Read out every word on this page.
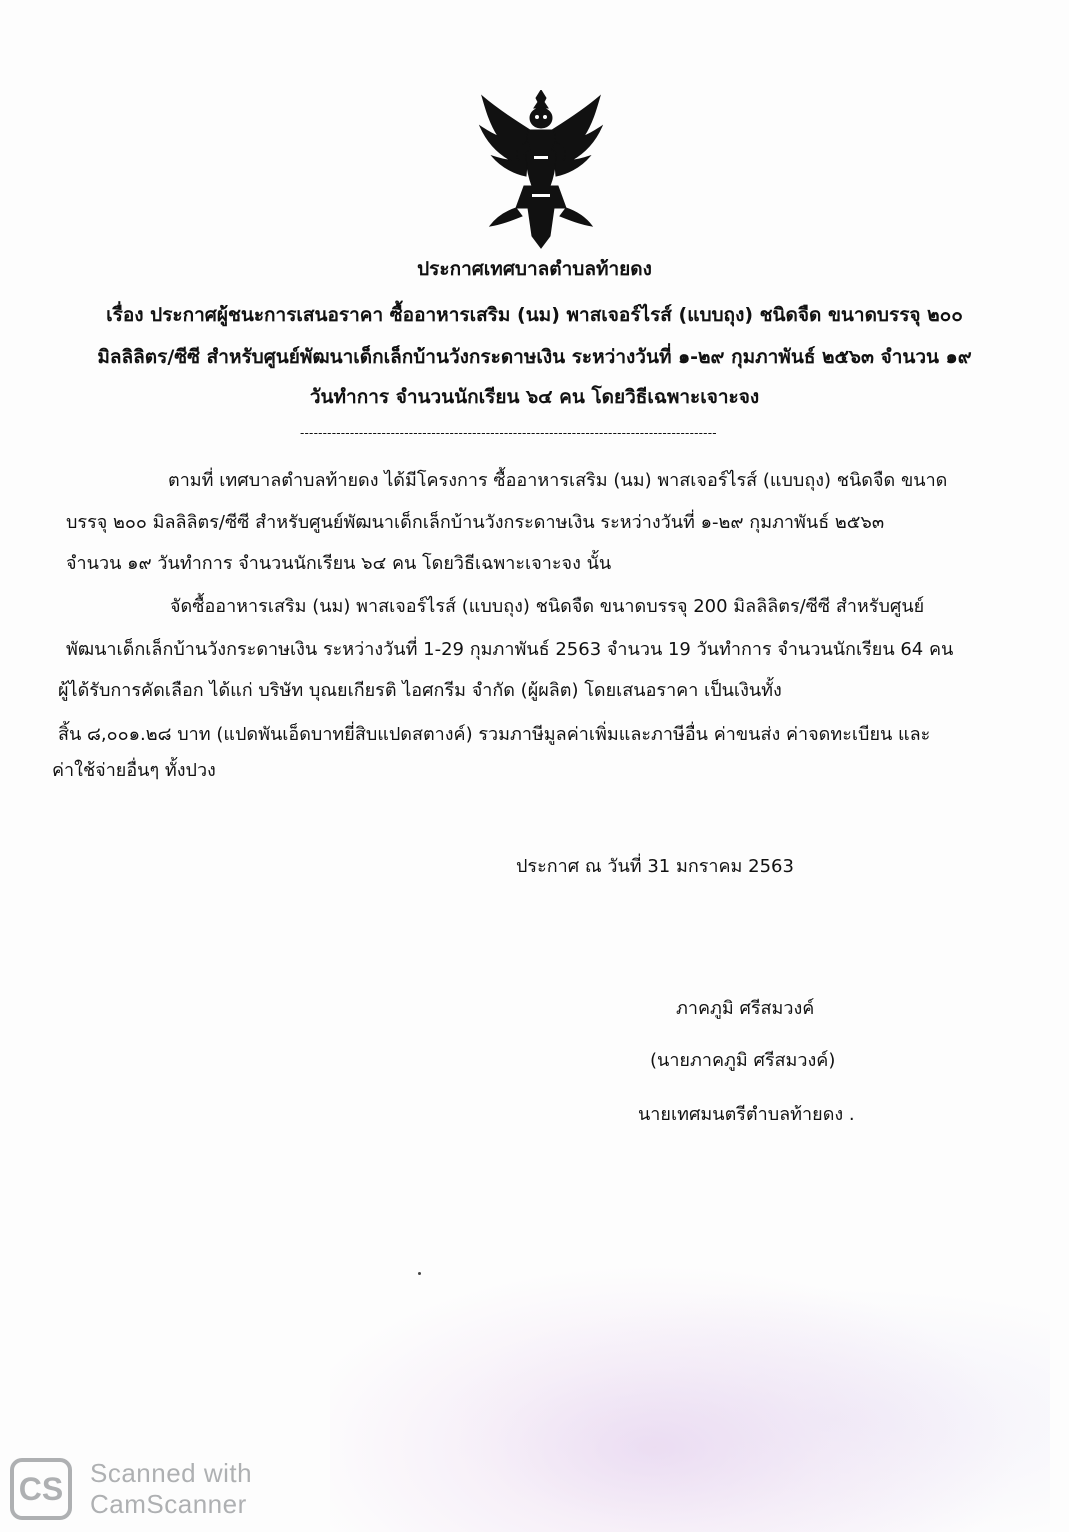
ประกาศเทศบาลตำบลท้ายดง
เรื่อง ประกาศผู้ชนะการเสนอราคา ซื้ออาหารเสริม (นม) พาสเจอร์ไรส์ (แบบถุง) ชนิดจืด ขนาดบรรจุ ๒๐๐
มิลลิลิตร/ซีซี สำหรับศูนย์พัฒนาเด็กเล็กบ้านวังกระดาษเงิน ระหว่างวันที่ ๑-๒๙ กุมภาพันธ์ ๒๕๖๓ จำนวน ๑๙
วันทำการ จำนวนนักเรียน ๖๔ คน โดยวิธีเฉพาะเจาะจง
--------------------------------------------------------------------------------------------
ตามที่ เทศบาลตำบลท้ายดง ได้มีโครงการ ซื้ออาหารเสริม (นม) พาสเจอร์ไรส์ (แบบถุง) ชนิดจืด ขนาด
บรรจุ ๒๐๐ มิลลิลิตร/ซีซี สำหรับศูนย์พัฒนาเด็กเล็กบ้านวังกระดาษเงิน ระหว่างวันที่ ๑-๒๙ กุมภาพันธ์ ๒๕๖๓
จำนวน ๑๙ วันทำการ จำนวนนักเรียน ๖๔ คน โดยวิธีเฉพาะเจาะจง นั้น
จัดซื้ออาหารเสริม (นม) พาสเจอร์ไรส์ (แบบถุง) ชนิดจืด ขนาดบรรจุ 200 มิลลิลิตร/ซีซี สำหรับศูนย์
พัฒนาเด็กเล็กบ้านวังกระดาษเงิน ระหว่างวันที่ 1-29 กุมภาพันธ์ 2563 จำนวน 19 วันทำการ จำนวนนักเรียน 64 คน
ผู้ได้รับการคัดเลือก ได้แก่ บริษัท บุณยเกียรติ ไอศกรีม จำกัด (ผู้ผลิต) โดยเสนอราคา เป็นเงินทั้ง
สิ้น ๘,๐๐๑.๒๘ บาท (แปดพันเอ็ดบาทยี่สิบแปดสตางค์) รวมภาษีมูลค่าเพิ่มและภาษีอื่น ค่าขนส่ง ค่าจดทะเบียน และ
ค่าใช้จ่ายอื่นๆ ทั้งปวง
ประกาศ ณ วันที่ 31 มกราคม 2563
ภาคภูมิ ศรีสมวงค์
(นายภาคภูมิ ศรีสมวงค์)
นายเทศมนตรีตำบลท้ายดง .
CS	Scanned with
CamScanner
